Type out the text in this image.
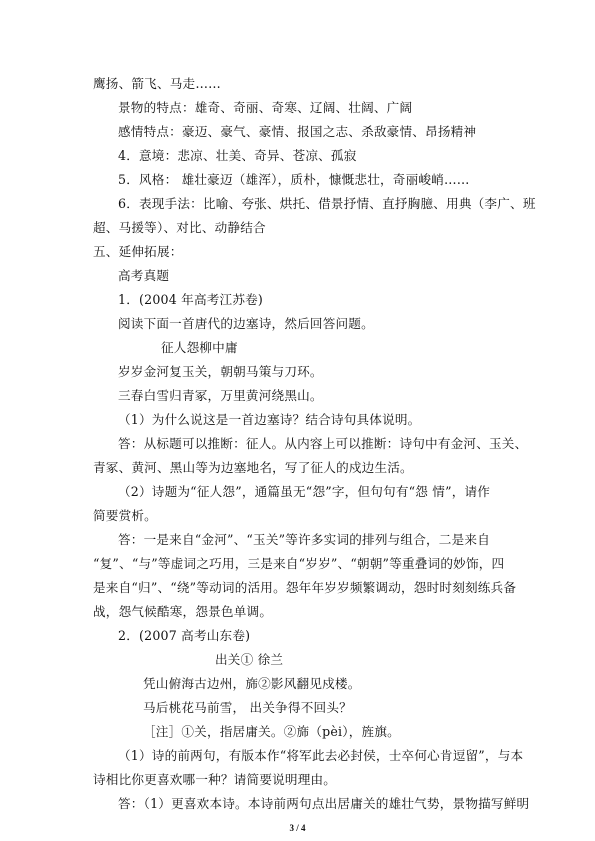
鹰扬、箭飞、马走……
景物的特点：雄奇、奇丽、奇寒、辽阔、壮阔、广阔
感情特点：豪迈、豪气、豪情、报国之志、杀敌豪情、昂扬精神
4．意境：悲凉、壮美、奇异、苍凉、孤寂
5．风格： 雄壮豪迈（雄浑），质朴，慷慨悲壮，奇丽峻峭……
6．表现手法：比喻、夸张、烘托、借景抒情、直抒胸臆、用典（李广、班
超、马援等）、对比、动静结合
五、延伸拓展：
高考真题
1．(2004 年高考江苏卷)
阅读下面一首唐代的边塞诗，然后回答问题。
征人怨柳中庸
岁岁金河复玉关，朝朝马策与刀环。
三春白雪归青冢，万里黄河绕黑山。
（1）为什么说这是一首边塞诗？结合诗句具体说明。
答：从标题可以推断：征人。从内容上可以推断：诗句中有金河、玉关、
青冢、黄河、黑山等为边塞地名，写了征人的戍边生活。
（2）诗题为“征人怨”，通篇虽无“怨”字，但句句有“怨 情”，请作
简要赏析。
答：一是来自“金河”、“玉关”等许多实词的排列与组合，二是来自
“复”、“与”等虚词之巧用，三是来自“岁岁”、“朝朝”等重叠词的妙饰，四
是来自“归”、“绕”等动词的活用。怨年年岁岁频繁调动，怨时时刻刻练兵备
战，怨气候酷寒，怨景色单调。
2．(2007 高考山东卷)
出关① 徐兰
凭山俯海古边州，旆②影风翻见戍楼。
马后桃花马前雪， 出关争得不回头？
［注］①关，指居庸关。②旆（pèi），旌旗。
（1）诗的前两句，有版本作“将军此去必封侯，士卒何心肯逗留”，与本
诗相比你更喜欢哪一种？请简要说明理由。
答：（1）更喜欢本诗。本诗前两句点出居庸关的雄壮气势，景物描写鲜明
3 / 4
